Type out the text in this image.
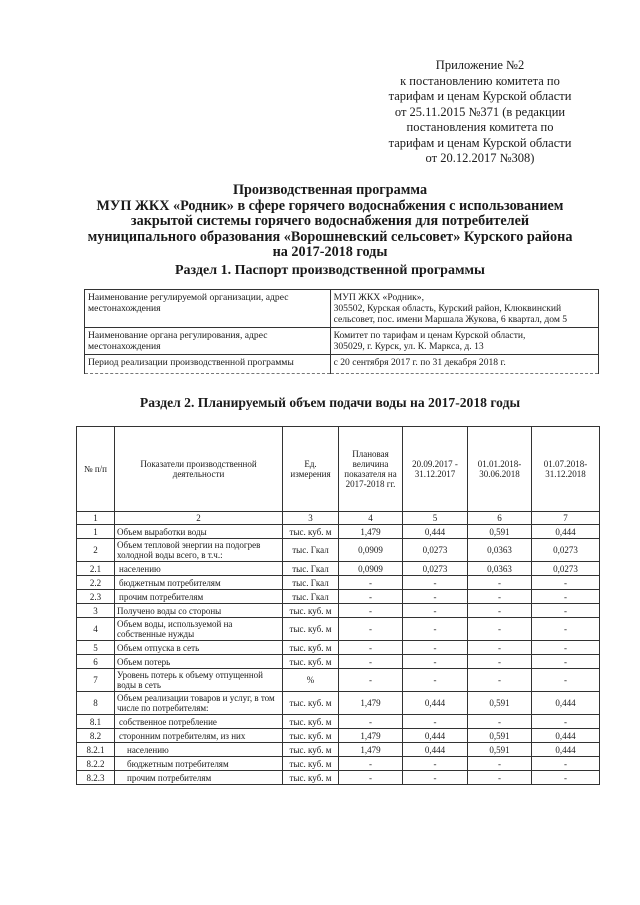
Приложение №2
к постановлению комитета по
тарифам и ценам Курской области
от 25.11.2015 №371 (в редакции
постановления комитета по
тарифам и ценам Курской области
от 20.12.2017 №308)
Производственная программа
МУП ЖКХ «Родник» в сфере горячего водоснабжения с использованием
закрытой системы горячего водоснабжения для потребителей
муниципального образования «Ворошневский сельсовет» Курского района
на 2017-2018 годы
Раздел 1. Паспорт производственной программы
Наименование регулируемой организации, адрес местонахождения	МУП ЖКХ «Родник»,
305502, Курская область, Курский район, Клюквинский
сельсовет, пос. имени Маршала Жукова, 6 квартал, дом 5

Наименование органа регулирования, адрес местонахождения	Комитет по тарифам и ценам Курской области,
305029, г. Курск, ул. К. Маркса, д. 13

Период реализации производственной программы	с 20 сентября 2017 г. по 31 декабря 2018 г.
Раздел 2. Планируемый объем подачи воды на 2017-2018 годы
№ п/п	Показатели производственной деятельности	Ед. измерения	Плановая величина показателя на 2017-2018 гг.	20.09.2017 - 31.12.2017	01.01.2018-30.06.2018	01.07.2018-31.12.2018
1	2	3	4	5	6	7
1	Объем выработки воды	тыс. куб. м	1,479	0,444	0,591	0,444
2	Объем тепловой энергии на подогрев холодной воды всего, в т.ч.:	тыс. Гкал	0,0909	0,0273	0,0363	0,0273
2.1	населению	тыс. Гкал	0,0909	0,0273	0,0363	0,0273
2.2	бюджетным потребителям	тыс. Гкал	-	-	-	-
2.3	прочим потребителям	тыс. Гкал	-	-	-	-
3	Получено воды со стороны	тыс. куб. м	-	-	-	-
4	Объем воды, используемой на собственные нужды	тыс. куб. м	-	-	-	-
5	Объем отпуска в сеть	тыс. куб. м	-	-	-	-
6	Объем потерь	тыс. куб. м	-	-	-	-
7	Уровень потерь к объему отпущенной воды в сеть	%	-	-	-	-
8	Объем реализации товаров и услуг, в том числе по потребителям:	тыс. куб. м	1,479	0,444	0,591	0,444
8.1	собственное потребление	тыс. куб. м	-	-	-	-
8.2	сторонним потребителям, из них	тыс. куб. м	1,479	0,444	0,591	0,444
8.2.1	населению	тыс. куб. м	1,479	0,444	0,591	0,444
8.2.2	бюджетным потребителям	тыс. куб. м	-	-	-	-
8.2.3	прочим потребителям	тыс. куб. м	-	-	-	-
